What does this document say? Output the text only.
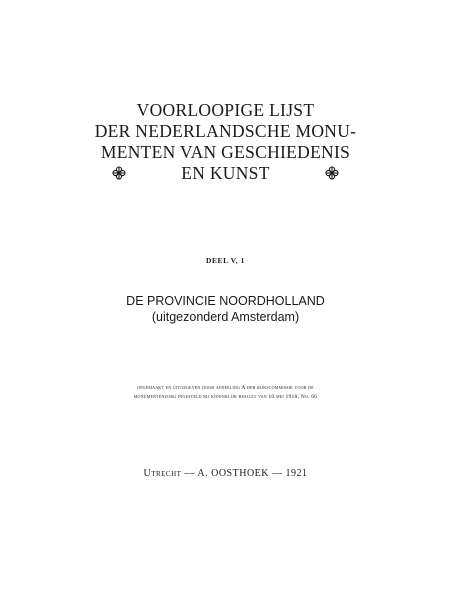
VOORLOOPIGE LIJST
DER NEDERLANDSCHE MONU-
MENTEN VAN GESCHIEDENIS
EN KUNST
DEEL V, 1
DE PROVINCIE NOORDHOLLAND
(uitgezonderd Amsterdam)
opgemaakt en uitgegeven door afdeeling A der rijkscommissie voor de
monumentenzorg ingesteld bij koninklijk besluit van 10 mei 1918, No. 66
Utrecht — A. OOSTHOEK — 1921
